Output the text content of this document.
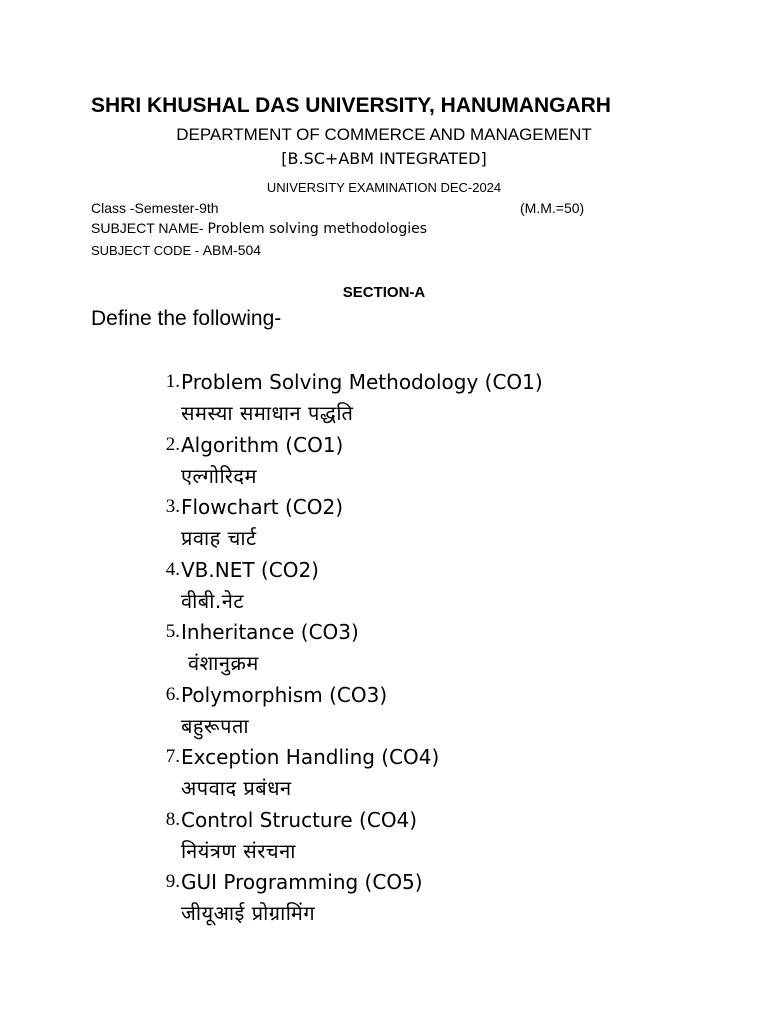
SHRI KHUSHAL DAS UNIVERSITY, HANUMANGARH
DEPARTMENT OF COMMERCE AND MANAGEMENT
[B.SC+ABM INTEGRATED]
UNIVERSITY EXAMINATION DEC-2024
Class -Semester-9th	(M.M.=50)
SUBJECT NAME- Problem solving methodologies
SUBJECT CODE - ABM-504
SECTION-A
Define the following-
1. Problem Solving Methodology (CO1)
समस्या समाधान पद्धति
2. Algorithm (CO1)
एल्गोरिदम
3. Flowchart (CO2)
प्रवाह चार्ट
4. VB.NET (CO2)
वीबी.नेट
5. Inheritance (CO3)
वंशानुक्रम
6. Polymorphism (CO3)
बहुरूपता
7. Exception Handling (CO4)
अपवाद प्रबंधन
8. Control Structure (CO4)
नियंत्रण संरचना
9. GUI Programming (CO5)
जीयूआई प्रोग्रामिंग
